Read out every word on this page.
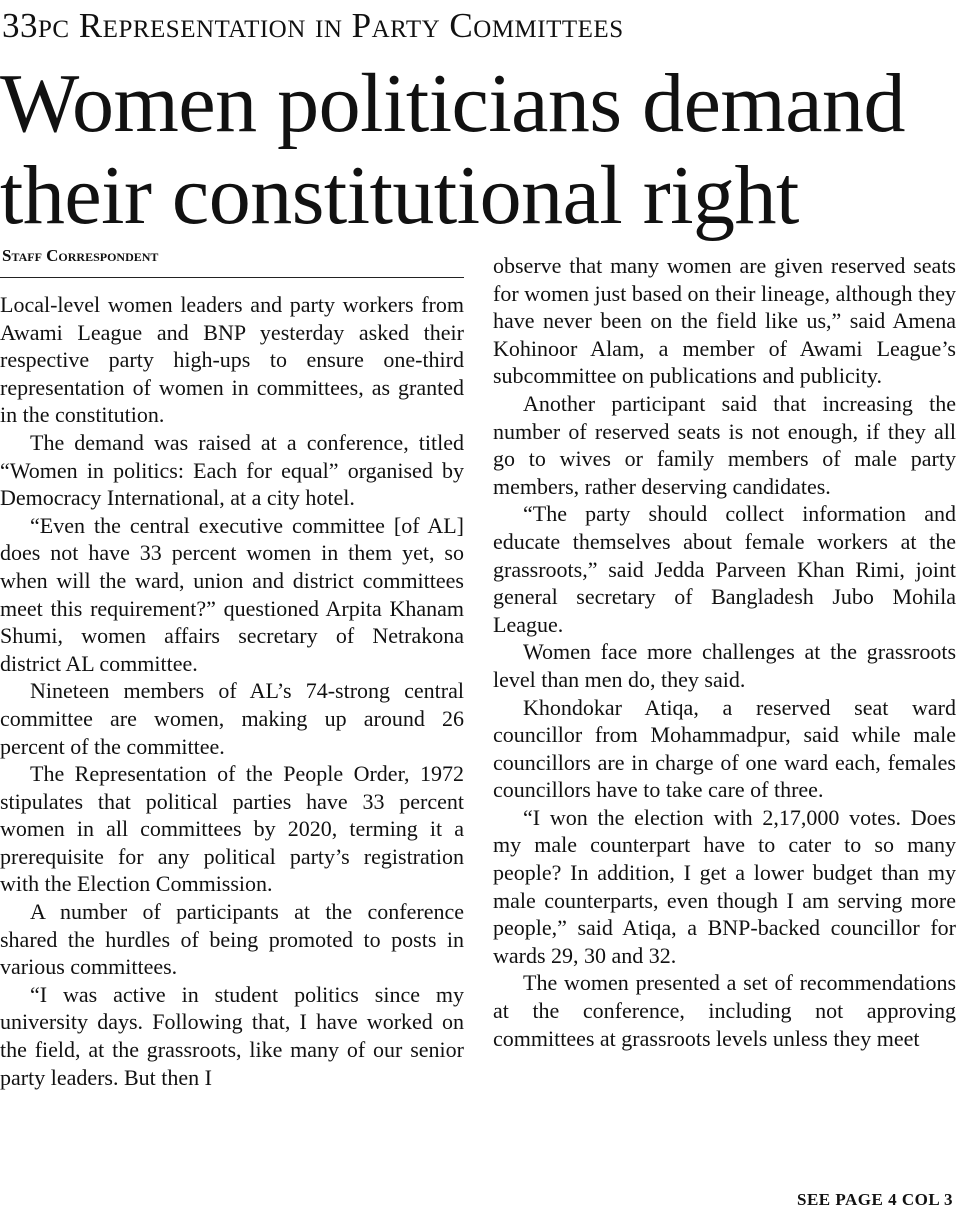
33pc Representation in Party Committees
Women politicians demand
their constitutional right
Staff Correspondent

Local-level women leaders and party workers from Awami League and BNP yesterday asked their respective party high-ups to ensure one-third representation of women in committees, as granted in the constitution.

The demand was raised at a conference, titled “Women in politics: Each for equal” organised by Democracy International, at a city hotel.

“Even the central executive committee [of AL] does not have 33 percent women in them yet, so when will the ward, union and district committees meet this requirement?” questioned Arpita Khanam Shumi, women affairs secretary of Netrakona district AL committee.

Nineteen members of AL’s 74-strong central committee are women, making up around 26 percent of the committee.

The Representation of the People Order, 1972 stipulates that political parties have 33 percent women in all committees by 2020, terming it a prerequisite for any political party’s registration with the Election Commission.

A number of participants at the conference shared the hurdles of being promoted to posts in various committees.

“I was active in student politics since my university days. Following that, I have worked on the field, at the grassroots, like many of our senior party leaders. But then I

observe that many women are given reserved seats for women just based on their lineage, although they have never been on the field like us,” said Amena Kohinoor Alam, a member of Awami League’s subcommittee on publications and publicity.

Another participant said that increasing the number of reserved seats is not enough, if they all go to wives or family members of male party members, rather deserving candidates.

“The party should collect information and educate themselves about female workers at the grassroots,” said Jedda Parveen Khan Rimi, joint general secretary of Bangladesh Jubo Mohila League.

Women face more challenges at the grassroots level than men do, they said.

Khondokar Atiqa, a reserved seat ward councillor from Mohammadpur, said while male councillors are in charge of one ward each, females councillors have to take care of three.

“I won the election with 2,17,000 votes. Does my male counterpart have to cater to so many people? In addition, I get a lower budget than my male counterparts, even though I am serving more people,” said Atiqa, a BNP-backed councillor for wards 29, 30 and 32.

The women presented a set of recommendations at the conference, including not approving committees at grassroots levels unless they meet

SEE PAGE 4 COL 3
